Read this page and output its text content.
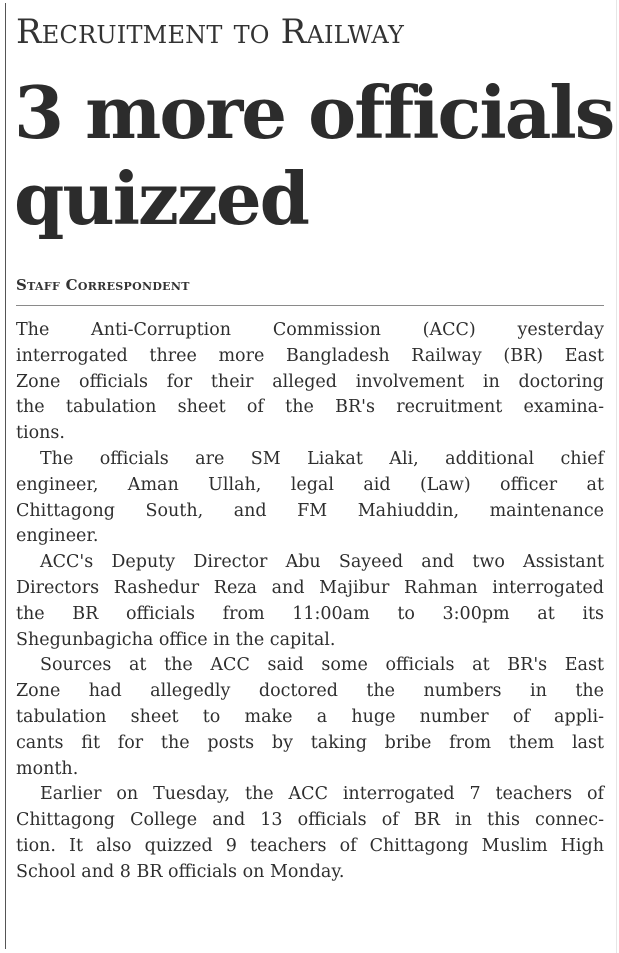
Recruitment to Railway
3 more officials
quizzed
Staff Correspondent
The Anti-Corruption Commission (ACC) yesterday
interrogated three more Bangladesh Railway (BR) East
Zone officials for their alleged involvement in doctoring
the tabulation sheet of the BR's recruitment examina-
tions.
The officials are SM Liakat Ali, additional chief
engineer, Aman Ullah, legal aid (Law) officer at
Chittagong South, and FM Mahiuddin, maintenance
engineer.
ACC's Deputy Director Abu Sayeed and two Assistant
Directors Rashedur Reza and Majibur Rahman interrogated
the BR officials from 11:00am to 3:00pm at its
Shegunbagicha office in the capital.
Sources at the ACC said some officials at BR's East
Zone had allegedly doctored the numbers in the
tabulation sheet to make a huge number of appli-
cants fit for the posts by taking bribe from them last
month.
Earlier on Tuesday, the ACC interrogated 7 teachers of
Chittagong College and 13 officials of BR in this connec-
tion. It also quizzed 9 teachers of Chittagong Muslim High
School and 8 BR officials on Monday.
